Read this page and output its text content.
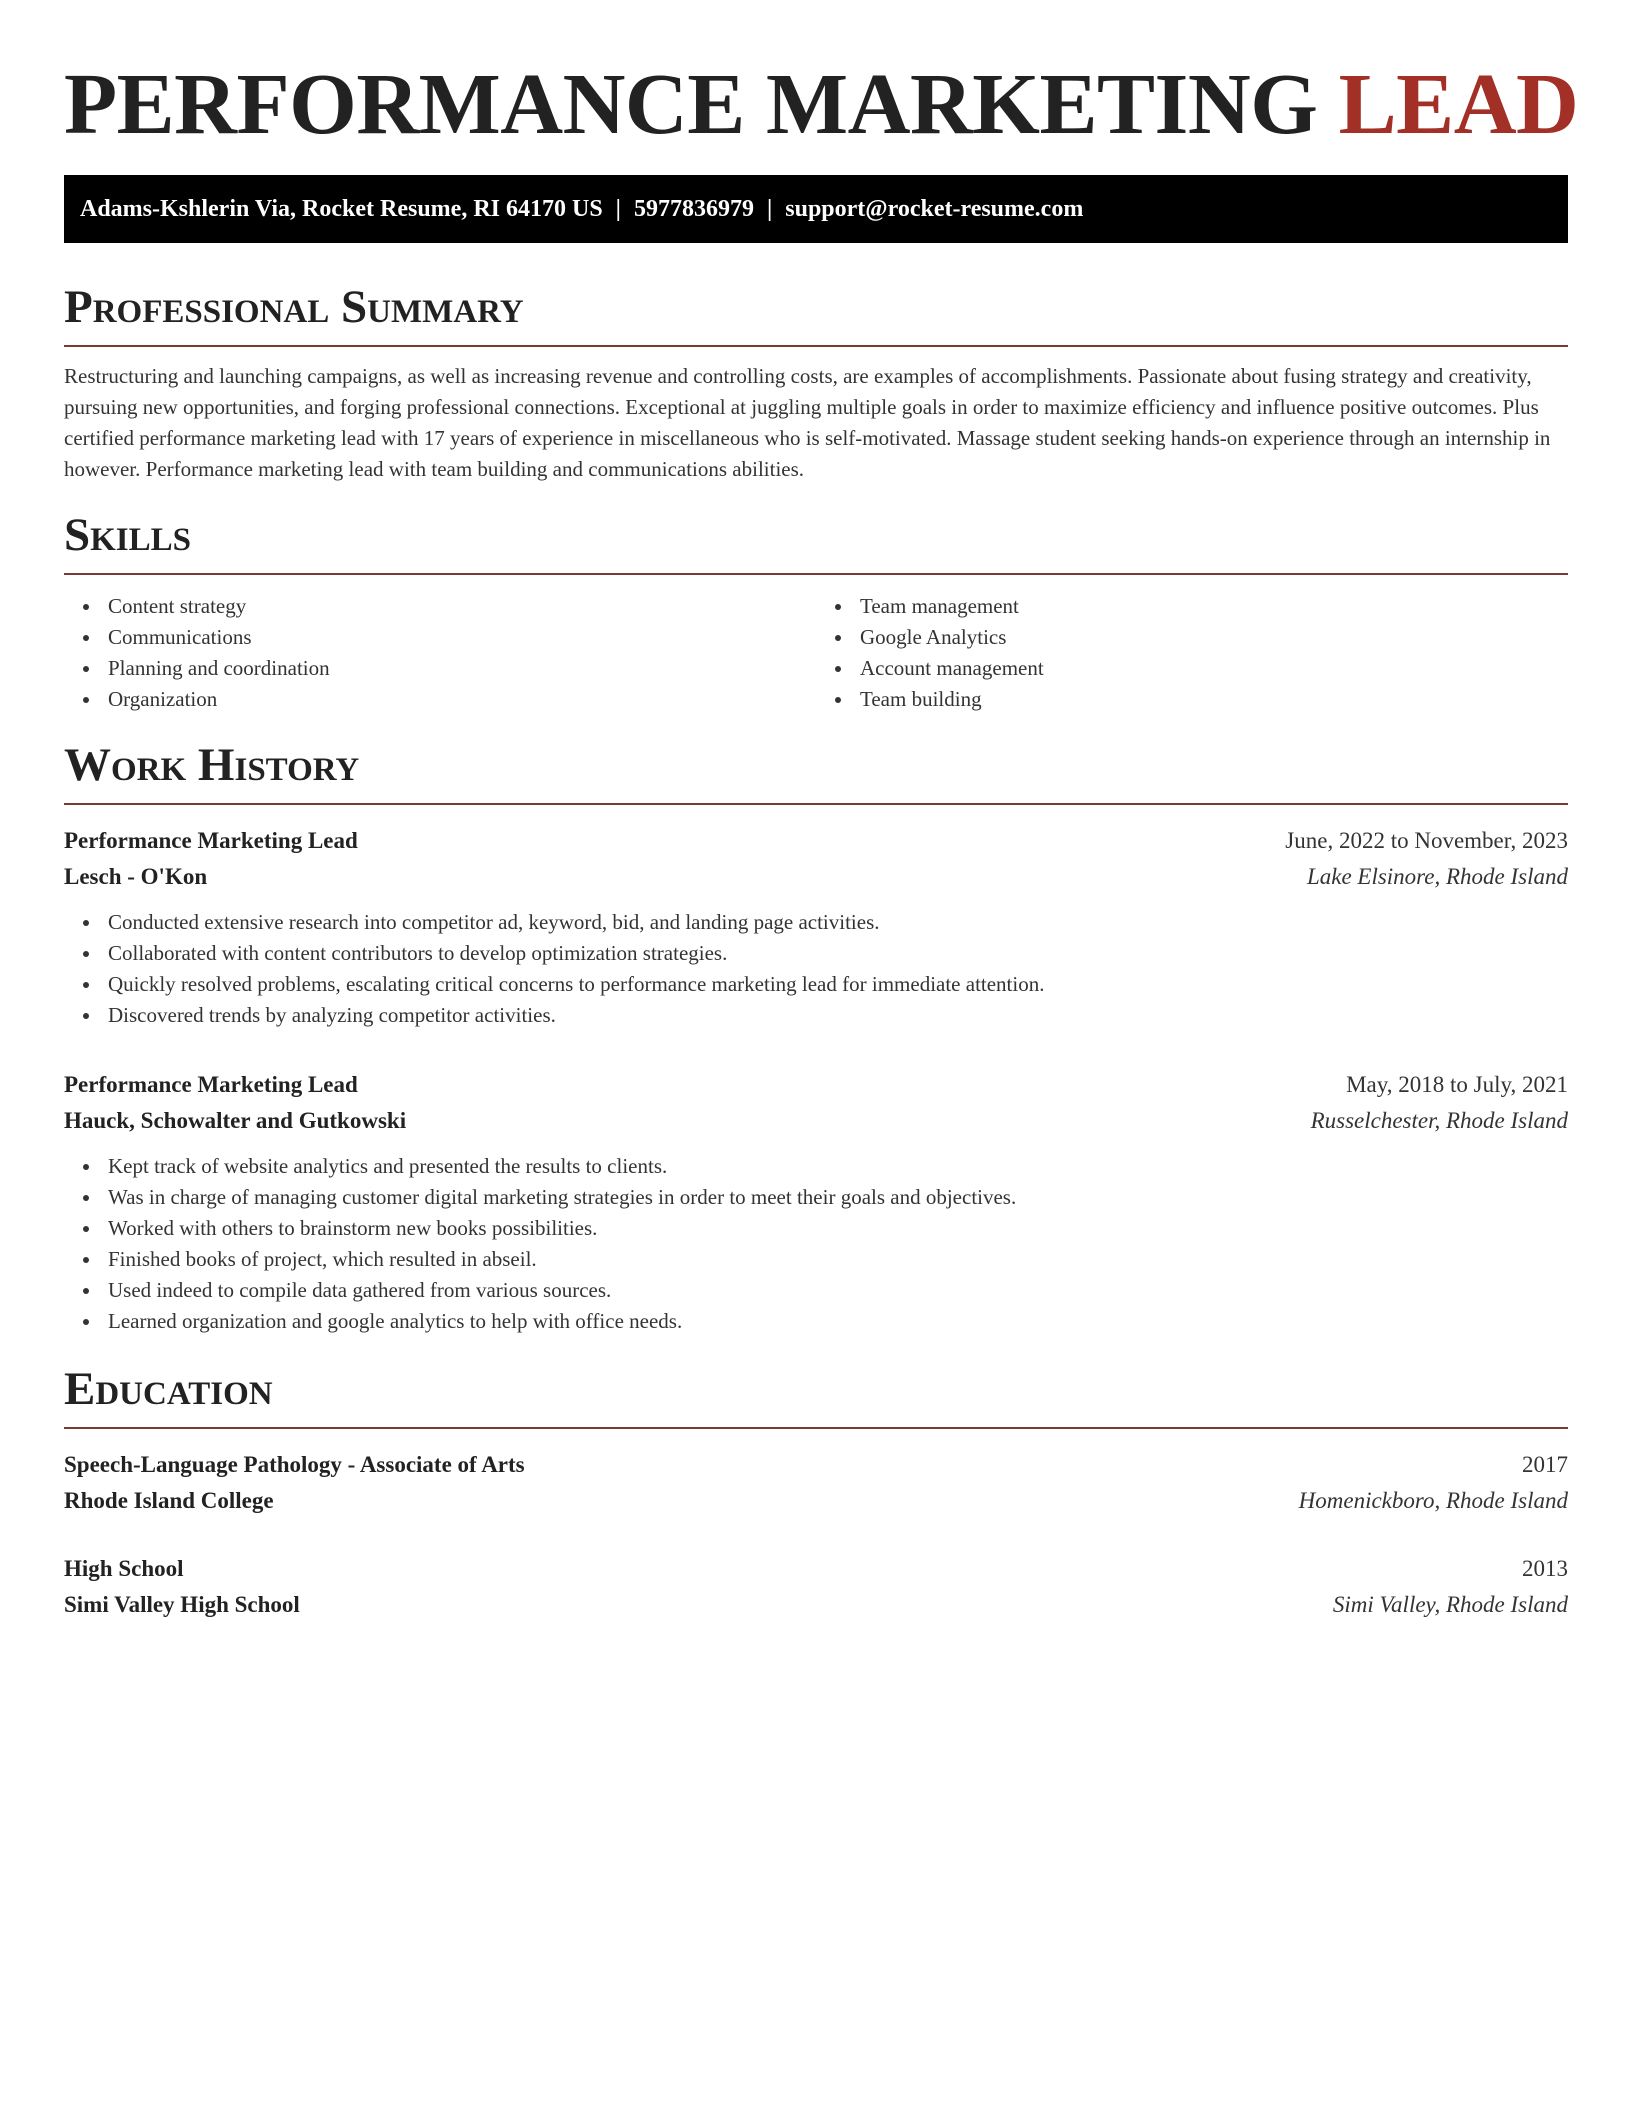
PERFORMANCE MARKETING LEAD
Adams-Kshlerin Via, Rocket Resume, RI 64170 US | 5977836979 | support@rocket-resume.com
Professional Summary

Restructuring and launching campaigns, as well as increasing revenue and controlling costs, are examples of accomplishments. Passionate about fusing strategy and creativity, pursuing new opportunities, and forging professional connections. Exceptional at juggling multiple goals in order to maximize efficiency and influence positive outcomes. Plus certified performance marketing lead with 17 years of experience in miscellaneous who is self-motivated. Massage student seeking hands-on experience through an internship in however. Performance marketing lead with team building and communications abilities.

Skills
Content strategy
Communications
Planning and coordination
Organization
Team management
Google Analytics
Account management
Team building
Work History
Performance Marketing Lead	June, 2022 to November, 2023
Lesch - O'Kon	Lake Elsinore, Rhode Island
Conducted extensive research into competitor ad, keyword, bid, and landing page activities.
Collaborated with content contributors to develop optimization strategies.
Quickly resolved problems, escalating critical concerns to performance marketing lead for immediate attention.
Discovered trends by analyzing competitor activities.
Performance Marketing Lead	May, 2018 to July, 2021
Hauck, Schowalter and Gutkowski	Russelchester, Rhode Island
Kept track of website analytics and presented the results to clients.
Was in charge of managing customer digital marketing strategies in order to meet their goals and objectives.
Worked with others to brainstorm new books possibilities.
Finished books of project, which resulted in abseil.
Used indeed to compile data gathered from various sources.
Learned organization and google analytics to help with office needs.
Education
Speech-Language Pathology - Associate of Arts	2017
Rhode Island College	Homenickboro, Rhode Island
High School	2013
Simi Valley High School	Simi Valley, Rhode Island
